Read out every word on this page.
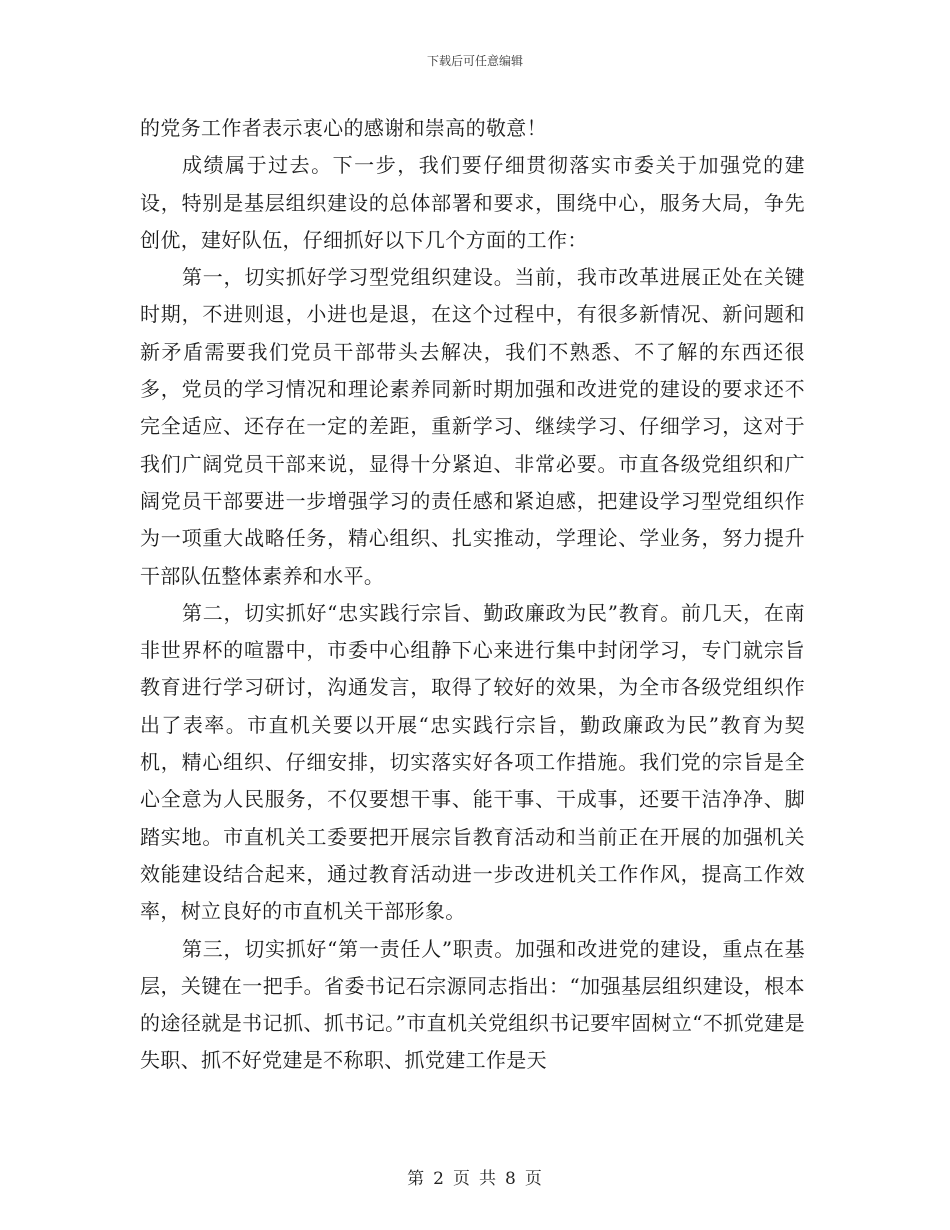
下载后可任意编辑

的党务工作者表示衷心的感谢和崇高的敬意！

成绩属于过去。下一步，我们要仔细贯彻落实市委关于加强党的建设，特别是基层组织建设的总体部署和要求，围绕中心，服务大局，争先创优，建好队伍，仔细抓好以下几个方面的工作：

第一，切实抓好学习型党组织建设。当前，我市改革进展正处在关键时期，不进则退，小进也是退，在这个过程中，有很多新情况、新问题和新矛盾需要我们党员干部带头去解决，我们不熟悉、不了解的东西还很多，党员的学习情况和理论素养同新时期加强和改进党的建设的要求还不完全适应、还存在一定的差距，重新学习、继续学习、仔细学习，这对于我们广阔党员干部来说，显得十分紧迫、非常必要。市直各级党组织和广阔党员干部要进一步增强学习的责任感和紧迫感，把建设学习型党组织作为一项重大战略任务，精心组织、扎实推动，学理论、学业务，努力提升干部队伍整体素养和水平。

第二，切实抓好“忠实践行宗旨、勤政廉政为民”教育。前几天，在南非世界杯的喧嚣中，市委中心组静下心来进行集中封闭学习，专门就宗旨教育进行学习研讨，沟通发言，取得了较好的效果，为全市各级党组织作出了表率。市直机关要以开展“忠实践行宗旨，勤政廉政为民”教育为契机，精心组织、仔细安排，切实落实好各项工作措施。我们党的宗旨是全心全意为人民服务，不仅要想干事、能干事、干成事，还要干洁净净、脚踏实地。市直机关工委要把开展宗旨教育活动和当前正在开展的加强机关效能建设结合起来，通过教育活动进一步改进机关工作作风，提高工作效率，树立良好的市直机关干部形象。

第三，切实抓好“第一责任人”职责。加强和改进党的建设，重点在基层，关键在一把手。省委书记石宗源同志指出：“加强基层组织建设，根本的途径就是书记抓、抓书记。”市直机关党组织书记要牢固树立“不抓党建是失职、抓不好党建是不称职、抓党建工作是天

第 2 页 共 8 页
